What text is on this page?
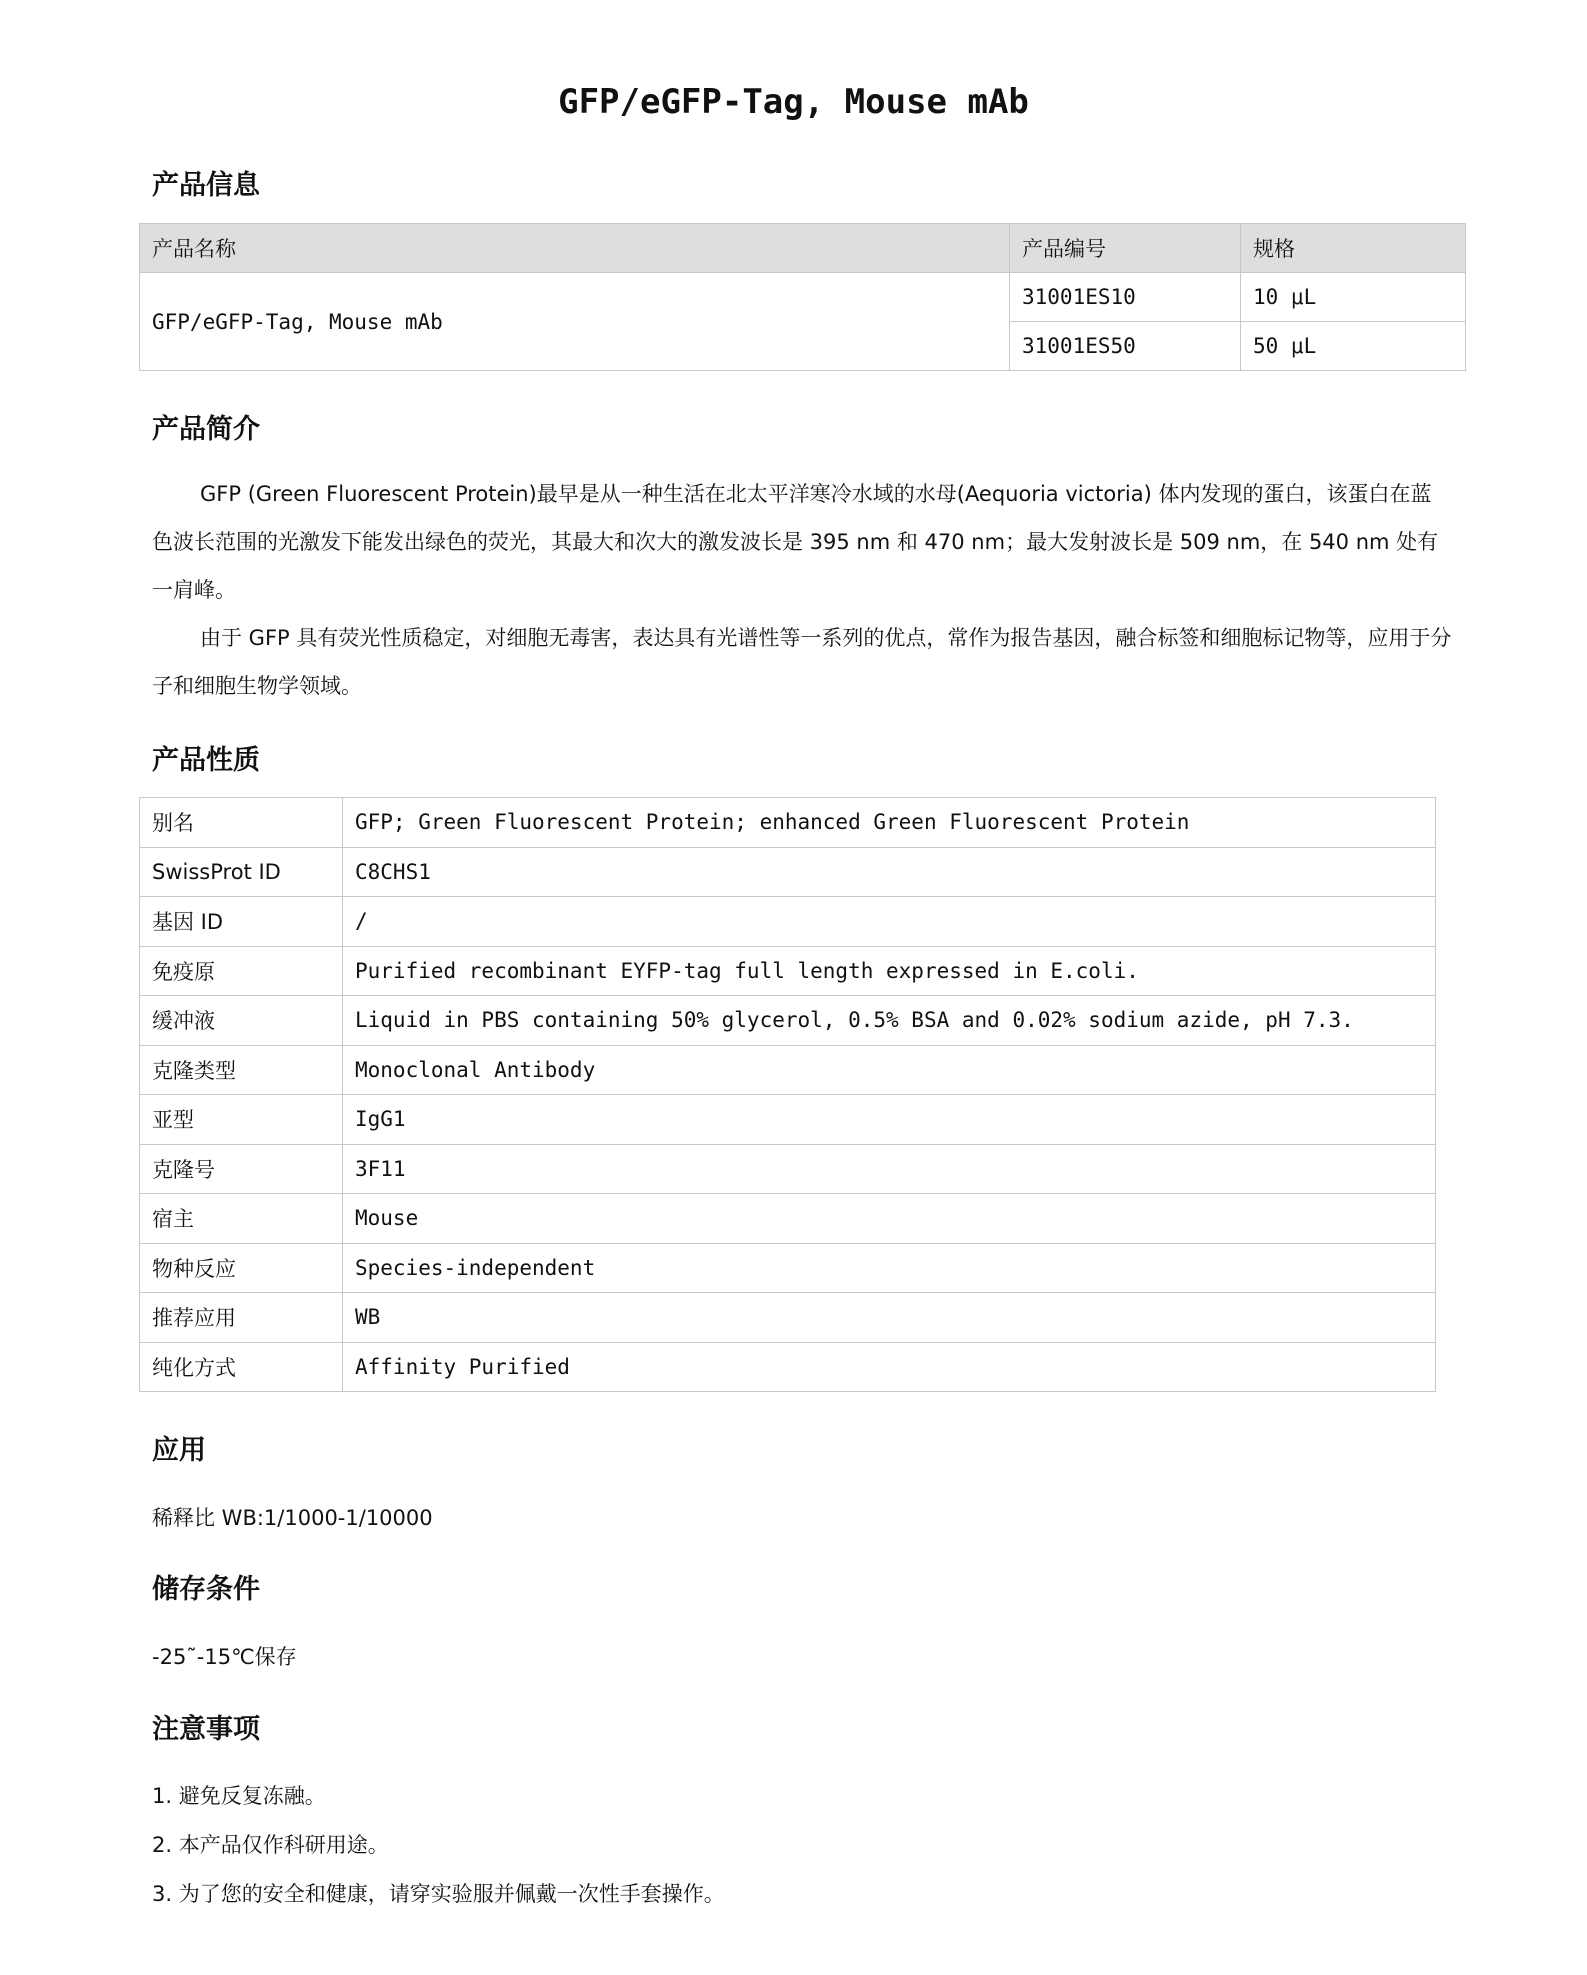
GFP/eGFP-Tag, Mouse mAb
产品信息
产品名称	产品编号	规格
GFP/eGFP-Tag, Mouse mAb	31001ES10	10 μL
	31001ES50	50 μL
产品简介

GFP (Green Fluorescent Protein)最早是从一种生活在北太平洋寒冷水域的水母(Aequoria victoria) 体内发现的蛋白，该蛋白在蓝色波长范围的光激发下能发出绿色的荧光，其最大和次大的激发波长是 395 nm 和 470 nm；最大发射波长是 509 nm，在 540 nm 处有一肩峰。

由于 GFP 具有荧光性质稳定，对细胞无毒害，表达具有光谱性等一系列的优点，常作为报告基因，融合标签和细胞标记物等，应用于分子和细胞生物学领域。

产品性质
别名	GFP; Green Fluorescent Protein; enhanced Green Fluorescent Protein
SwissProt ID	C8CHS1
基因 ID	/
免疫原	Purified recombinant EYFP-tag full length expressed in E.coli.
缓冲液	Liquid in PBS containing 50% glycerol, 0.5% BSA and 0.02% sodium azide, pH 7.3.
克隆类型	Monoclonal Antibody
亚型	IgG1
克隆号	3F11
宿主	Mouse
物种反应	Species-independent
推荐应用	WB
纯化方式	Affinity Purified
应用
稀释比 WB:1/1000-1/10000
储存条件
-25˜-15℃保存
注意事项
1. 避免反复冻融。
2. 本产品仅作科研用途。
3. 为了您的安全和健康，请穿实验服并佩戴一次性手套操作。
